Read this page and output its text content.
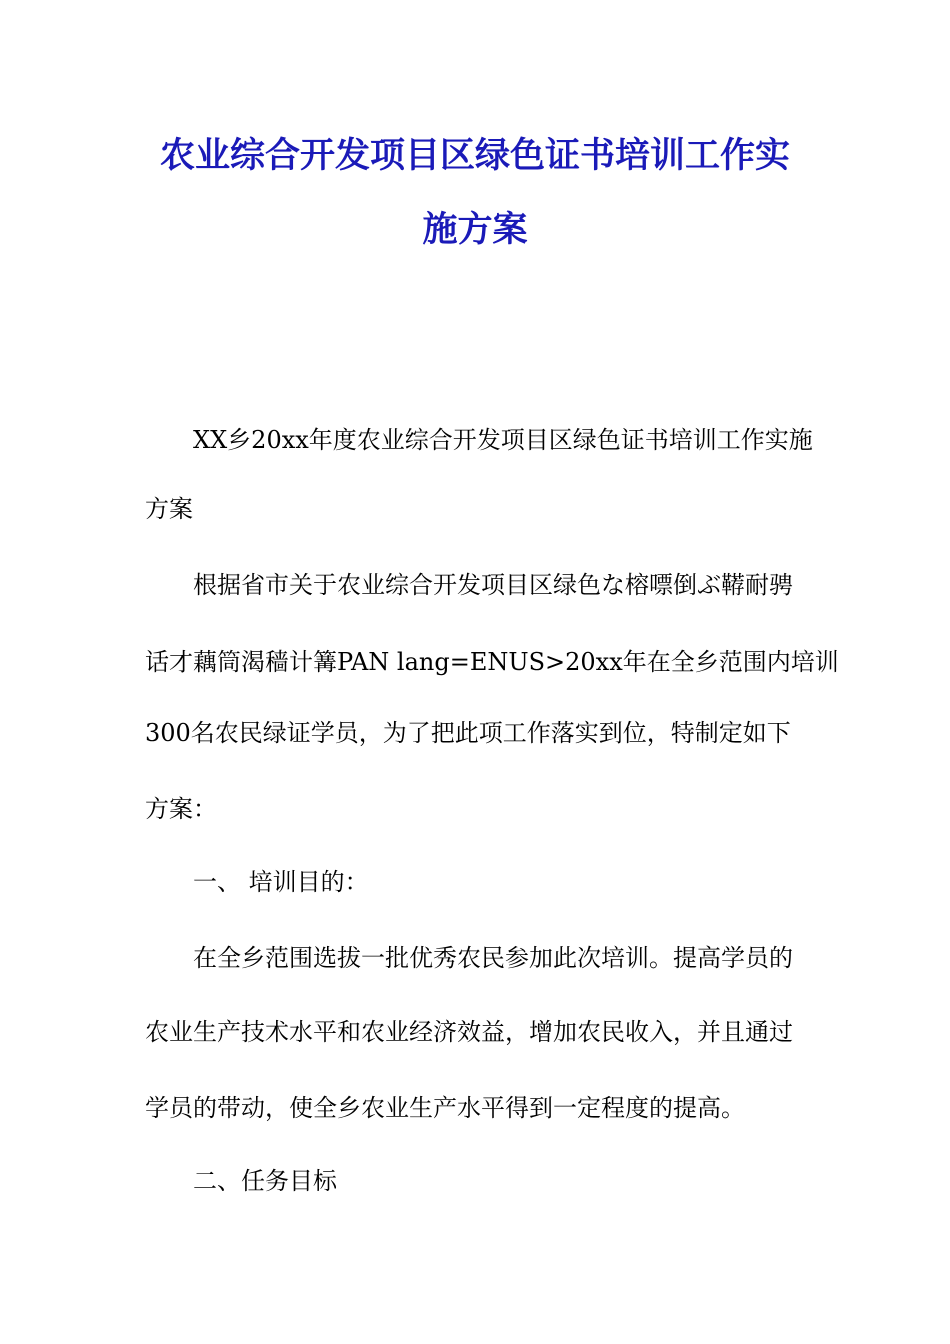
农业综合开发项目区绿色证书培训工作实
施方案
XX乡20xx年度农业综合开发项目区绿色证书培训工作实施
方案
根据省市关于农业综合开发项目区绿色な榕嘌倒ぶ鞯耐骋
话才藕筒渴穑计篝PAN lang=ENUS>20xx年在全乡范围内培训
300名农民绿证学员，为了把此项工作落实到位，特制定如下
方案：
一、 培训目的：
在全乡范围选拔一批优秀农民参加此次培训。提高学员的
农业生产技术水平和农业经济效益，增加农民收入，并且通过
学员的带动，使全乡农业生产水平得到一定程度的提高。
二、任务目标
